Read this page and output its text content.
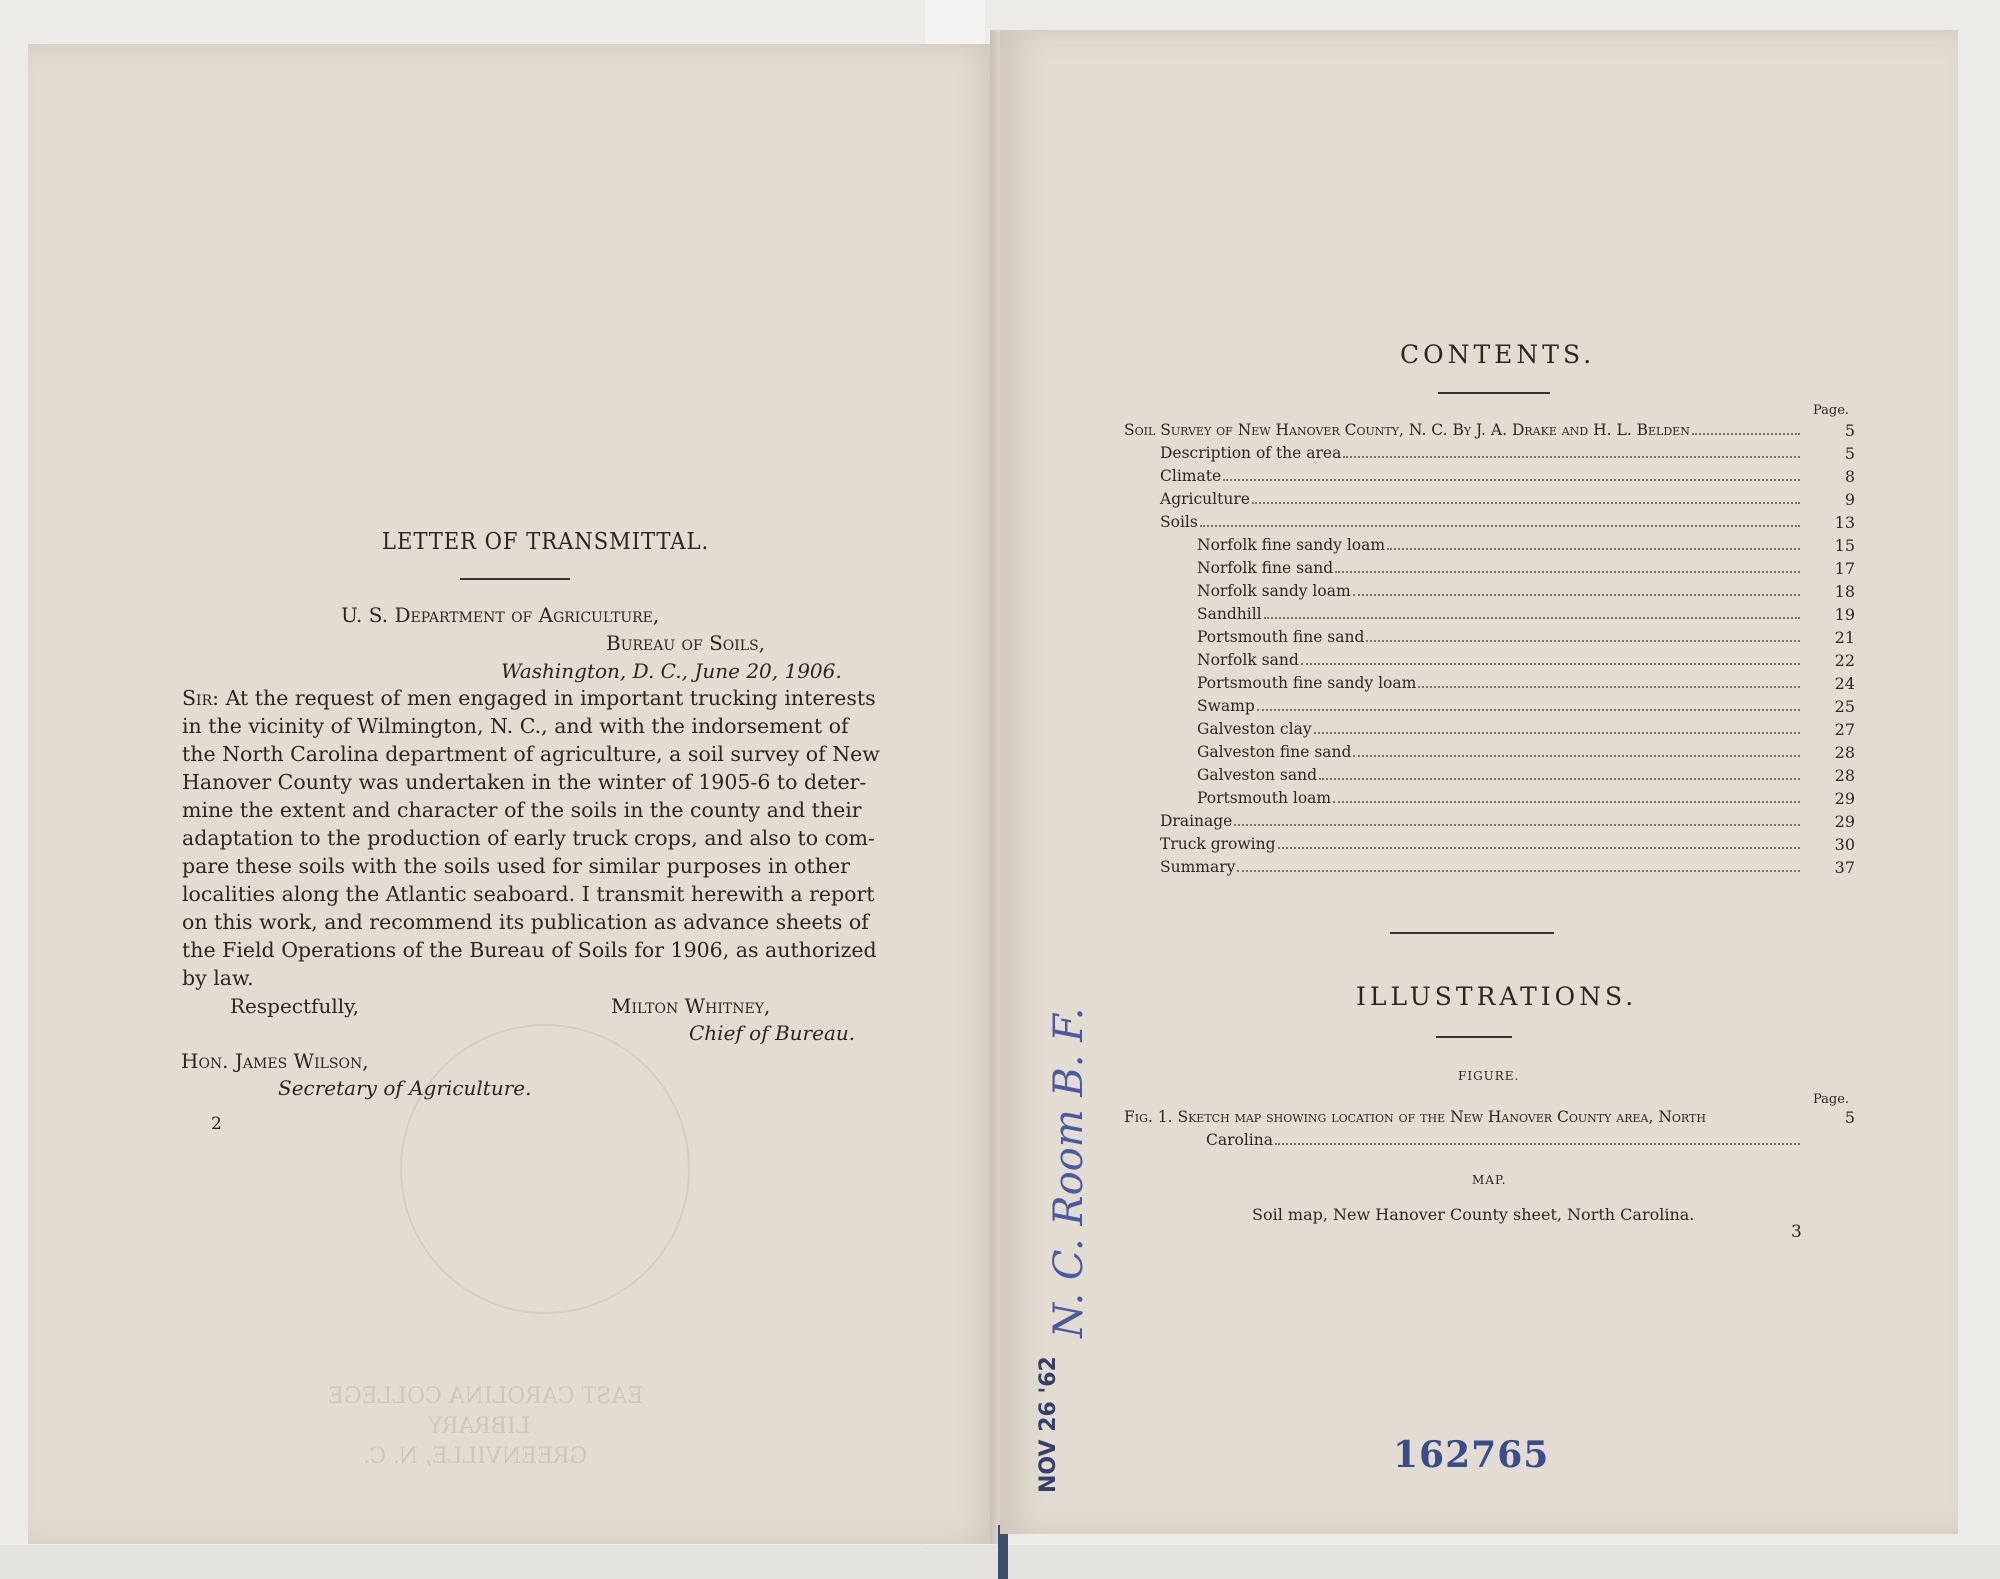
LETTER OF TRANSMITTAL.
U. S. Department of Agriculture,
Bureau of Soils,
Washington, D. C., June 20, 1906.
Sir: At the request of men engaged in important trucking interests
in the vicinity of Wilmington, N. C., and with the indorsement of
the North Carolina department of agriculture, a soil survey of New
Hanover County was undertaken in the winter of 1905-6 to deter-
mine the extent and character of the soils in the county and their
adaptation to the production of early truck crops, and also to com-
pare these soils with the soils used for similar purposes in other
localities along the Atlantic seaboard. I transmit herewith a report
on this work, and recommend its publication as advance sheets of
the Field Operations of the Bureau of Soils for 1906, as authorized
by law.
Respectfully,	Milton Whitney,
Chief of Bureau.
Hon. James Wilson,
Secretary of Agriculture.
2
EAST CAROLINA COLLEGE
LIBRARY
GREENVILLE, N. C.
CONTENTS.
Page.
Soil Survey of New Hanover County, N. C. By J. A. Drake and H. L. Belden	5
Description of the area	5
Climate	8
Agriculture	9
Soils	13
Norfolk fine sandy loam	15
Norfolk fine sand	17
Norfolk sandy loam	18
Sandhill	19
Portsmouth fine sand	21
Norfolk sand	22
Portsmouth fine sandy loam	24
Swamp	25
Galveston clay	27
Galveston fine sand	28
Galveston sand	28
Portsmouth loam	29
Drainage	29
Truck growing	30
Summary	37
ILLUSTRATIONS.
FIGURE.
Page.
Fig. 1. Sketch map showing location of the New Hanover County area, North	5
Carolina
MAP.
Soil map, New Hanover County sheet, North Carolina.
3
162765
N. C. Room B. F.
NOV 26 '62
